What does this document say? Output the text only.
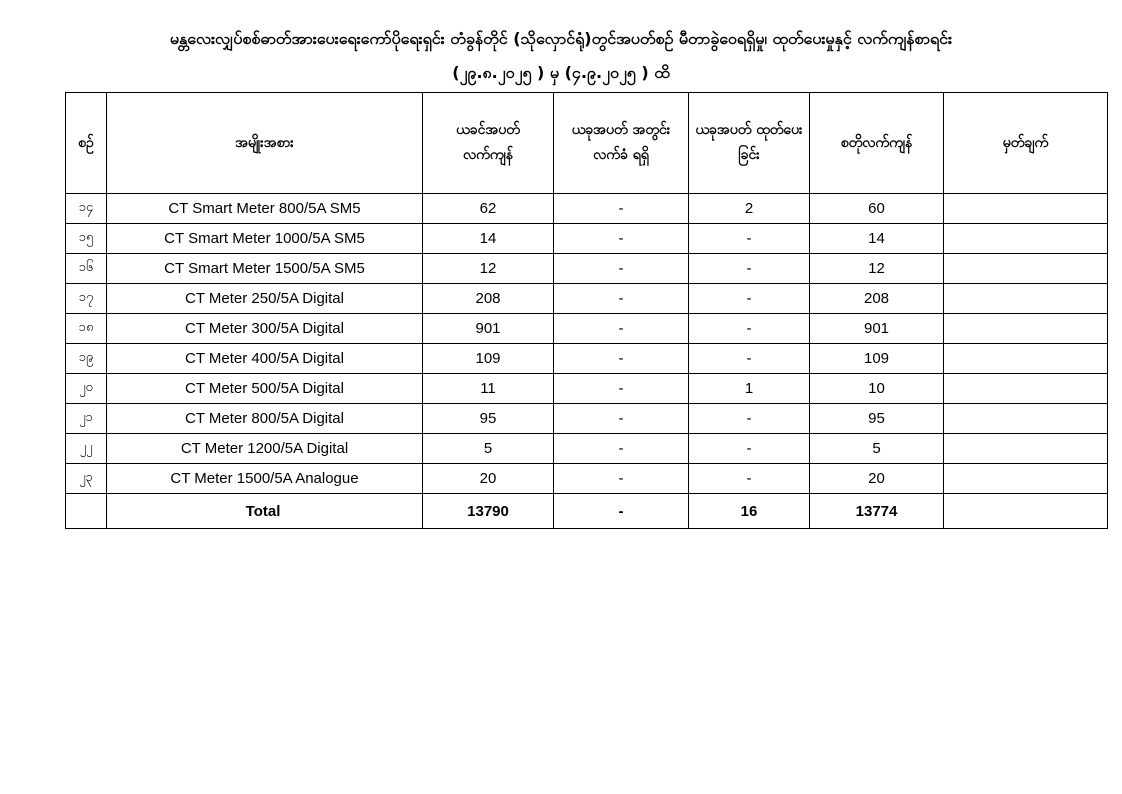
မန္တလေးလျှပ်စစ်ဓာတ်အားပေးရေးကော်ပိုရေးရှင်း တံခွန်တိုင် (သိုလှောင်ရုံ)တွင်အပတ်စဉ် မီတာခွဲဝေရရှိမှု၊ ထုတ်ပေးမှုနှင့် လက်ကျန်စာရင်း
(၂၉.၈.၂၀၂၅ ) မှ (၄.၉.၂၀၂၅ ) ထိ
စဉ်	အမျိုးအစား	ယခင်အပတ် လက်ကျန်	ယခုအပတ် အတွင်းလက်ခံ ရရှိ	ယခုအပတ် ထုတ်ပေးခြင်း	စတိုလက်ကျန်	မှတ်ချက်
၁၄	CT Smart Meter 800/5A SM5	62	-	2	60	
၁၅	CT Smart Meter 1000/5A SM5	14	-	-	14	
၁၆	CT Smart Meter 1500/5A SM5	12	-	-	12	
၁၇	CT Meter 250/5A Digital	208	-	-	208	
၁၈	CT Meter 300/5A Digital	901	-	-	901	
၁၉	CT Meter 400/5A Digital	109	-	-	109	
၂၀	CT Meter 500/5A Digital	11	-	1	10	
၂၁	CT Meter 800/5A Digital	95	-	-	95	
၂၂	CT Meter 1200/5A Digital	5	-	-	5	
၂၃	CT Meter 1500/5A Analogue	20	-	-	20	
	Total	13790	-	16	13774	
